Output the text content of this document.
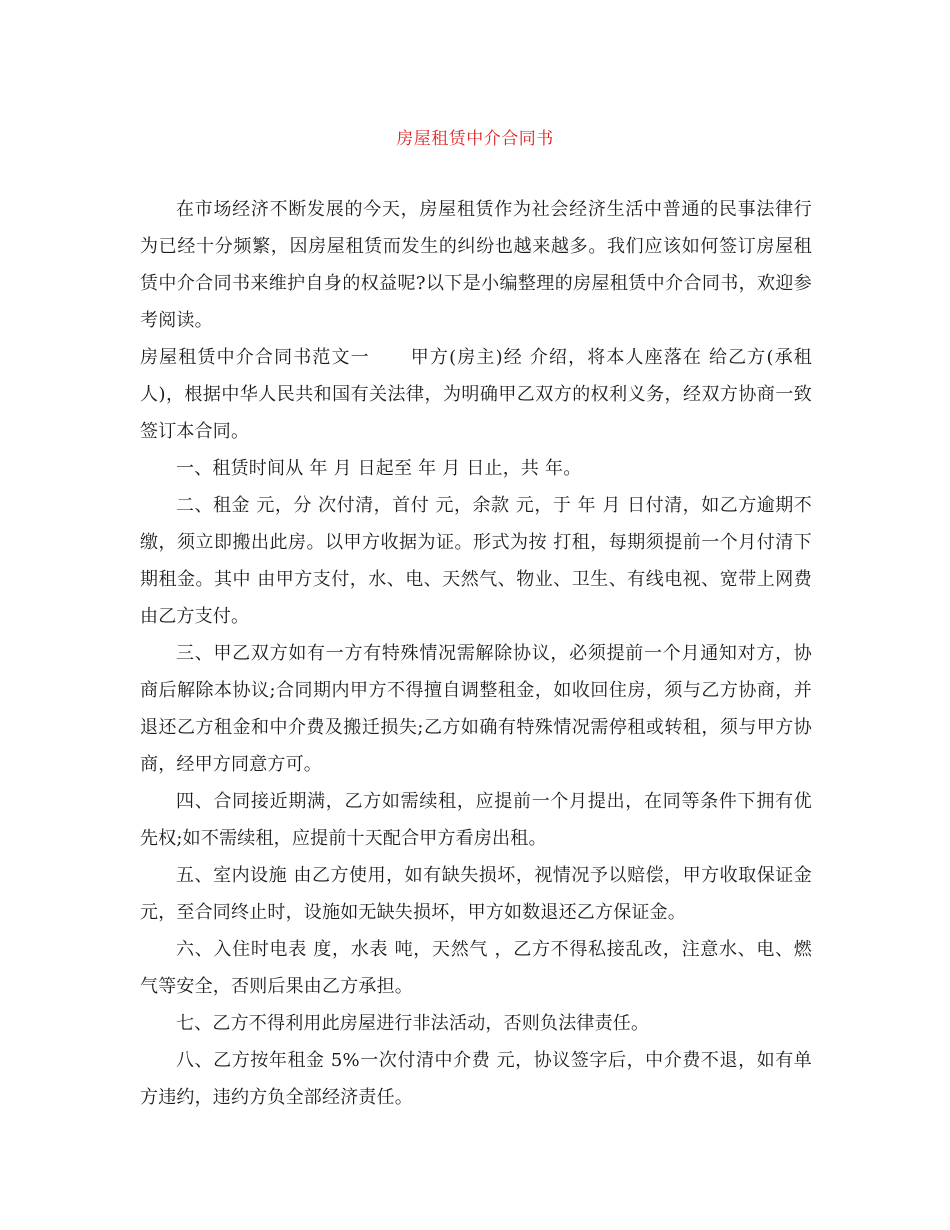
房屋租赁中介合同书

在市场经济不断发展的今天，房屋租赁作为社会经济生活中普通的民事法律行为已经十分频繁，因房屋租赁而发生的纠纷也越来越多。我们应该如何签订房屋租赁中介合同书来维护自身的权益呢?以下是小编整理的房屋租赁中介合同书，欢迎参考阅读。

房屋租赁中介合同书范文一 甲方(房主)经 介绍，将本人座落在 给乙方(承租人)，根据中华人民共和国有关法律，为明确甲乙双方的权利义务，经双方协商一致签订本合同。

一、租赁时间从 年 月 日起至 年 月 日止，共 年。

二、租金 元，分 次付清，首付 元，余款 元，于 年 月 日付清，如乙方逾期不缴，须立即搬出此房。以甲方收据为证。形式为按 打租，每期须提前一个月付清下期租金。其中 由甲方支付，水、电、天然气、物业、卫生、有线电视、宽带上网费 由乙方支付。

三、甲乙双方如有一方有特殊情况需解除协议，必须提前一个月通知对方，协商后解除本协议;合同期内甲方不得擅自调整租金，如收回住房，须与乙方协商，并退还乙方租金和中介费及搬迁损失;乙方如确有特殊情况需停租或转租，须与甲方协商，经甲方同意方可。

四、合同接近期满，乙方如需续租，应提前一个月提出，在同等条件下拥有优先权;如不需续租，应提前十天配合甲方看房出租。

五、室内设施 由乙方使用，如有缺失损坏，视情况予以赔偿，甲方收取保证金 元，至合同终止时，设施如无缺失损坏，甲方如数退还乙方保证金。

六、入住时电表 度，水表 吨，天然气 ，乙方不得私接乱改，注意水、电、燃气等安全，否则后果由乙方承担。

七、乙方不得利用此房屋进行非法活动，否则负法律责任。

八、乙方按年租金 5%一次付清中介费 元，协议签字后，中介费不退，如有单方违约，违约方负全部经济责任。
